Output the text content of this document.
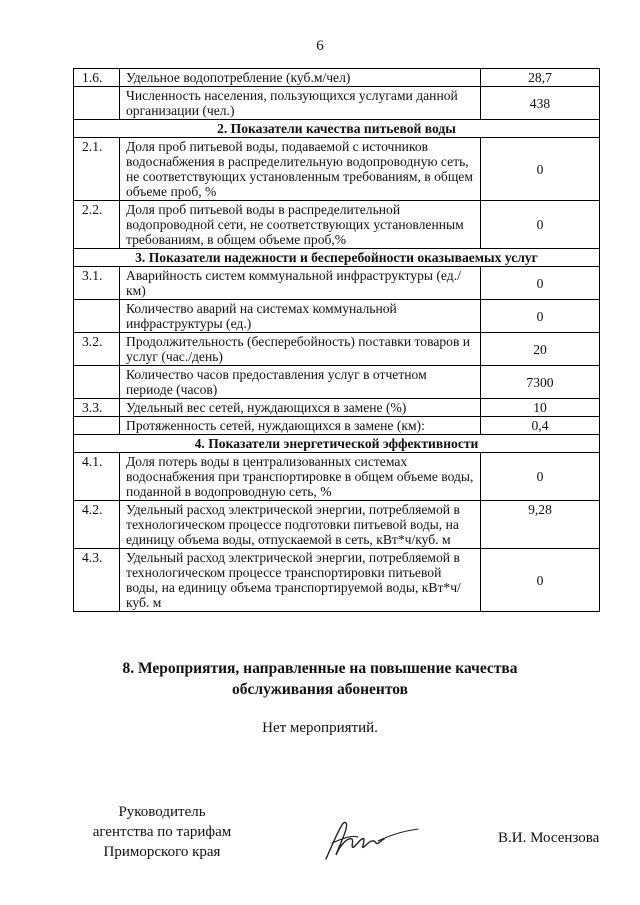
6
1.6.	Удельное водопотребление (куб.м/чел)	28,7
	Численность населения, пользующихся услугами данной организации (чел.)	438
2. Показатели качества питьевой воды		
2.1.	Доля проб питьевой воды, подаваемой с источников водоснабжения в распределительную водопроводную сеть, не соответствующих установленным требованиям, в общем объеме проб, %	0
2.2.	Доля проб питьевой воды в распределительной водопроводной сети, не соответствующих установленным требованиям, в общем объеме проб,%	0
3. Показатели надежности и бесперебойности оказываемых услуг		
3.1.	Аварийность систем коммунальной инфраструктуры (ед./км)	0
	Количество аварий на системах коммунальной инфраструктуры (ед.)	0
3.2.	Продолжительность (бесперебойность) поставки товаров и услуг (час./день)	20
	Количество часов предоставления услуг в отчетном периоде (часов)	7300
3.3.	Удельный вес сетей, нуждающихся в замене (%)	10
	Протяженность сетей, нуждающихся в замене (км):	0,4
4. Показатели энергетической эффективности		
4.1.	Доля потерь воды в централизованных системах водоснабжения при транспортировке в общем объеме воды, поданной в водопроводную сеть, %	0
4.2.	Удельный расход электрической энергии, потребляемой в технологическом процессе подготовки питьевой воды, на единицу объема воды, отпускаемой в сеть, кВт*ч/куб. м	9,28
4.3.	Удельный расход электрической энергии, потребляемой в технологическом процессе транспортировки питьевой воды, на единицу объема транспортируемой воды, кВт*ч/куб. м	0
8. Мероприятия, направленные на повышение качества
обслуживания абонентов
Нет мероприятий.
Руководитель
агентства по тарифам
Приморского края
В.И. Мосензова
